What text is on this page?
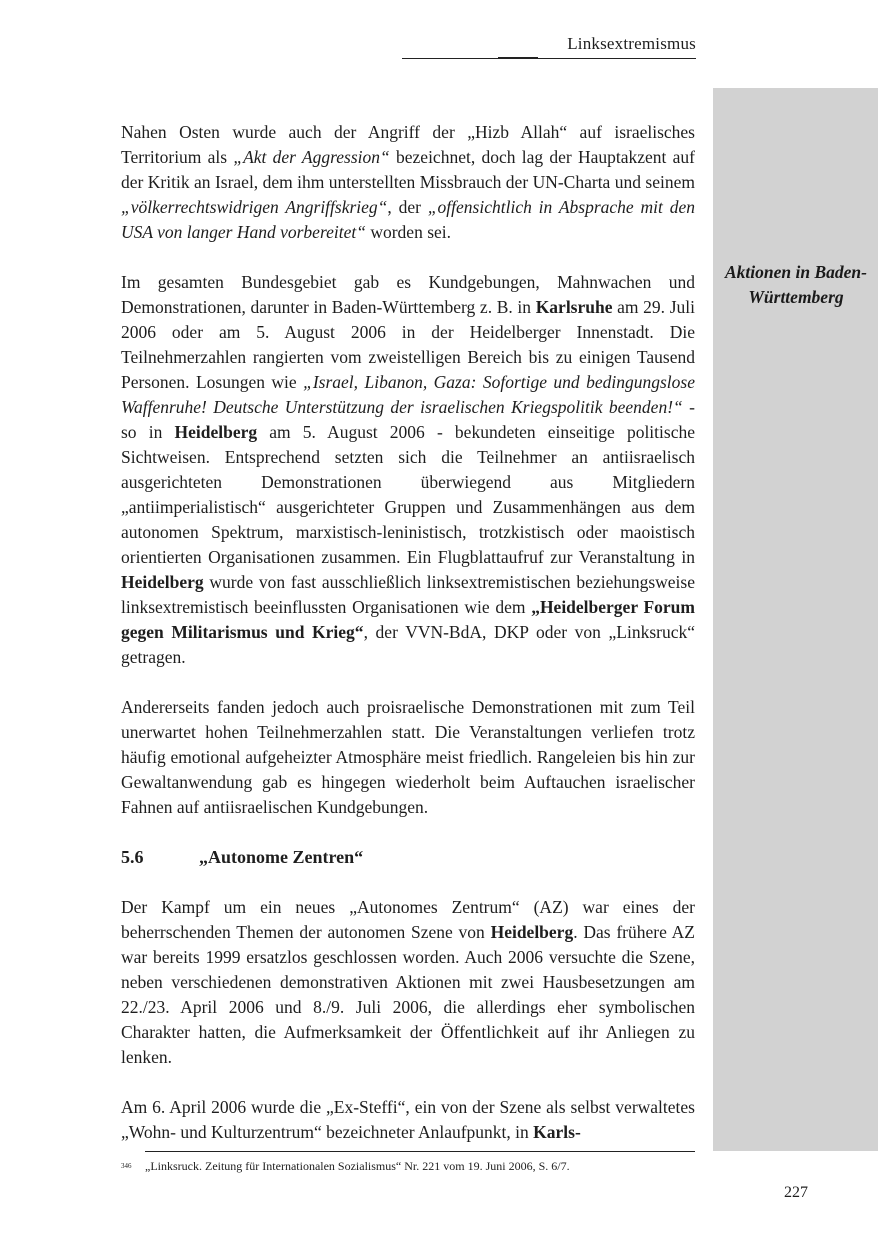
Linksextremismus
Aktionen in Baden-Württemberg

Nahen Osten wurde auch der Angriff der „Hizb Allah“ auf israelisches Territorium als „Akt der Aggression“ bezeichnet, doch lag der Hauptakzent auf der Kritik an Israel, dem ihm unterstellten Missbrauch der UN-Charta und seinem „völkerrechtswidrigen Angriffskrieg“, der „offensichtlich in Absprache mit den USA von langer Hand vorbereitet“ worden sei.

Im gesamten Bundesgebiet gab es Kundgebungen, Mahnwachen und Demonstrationen, darunter in Baden-Württemberg z. B. in Karlsruhe am 29. Juli 2006 oder am 5. August 2006 in der Heidelberger Innenstadt. Die Teilnehmerzahlen rangierten vom zweistelligen Bereich bis zu einigen Tausend Personen. Losungen wie „Israel, Libanon, Gaza: Sofortige und bedingungslose Waffenruhe! Deutsche Unterstützung der israelischen Kriegspolitik beenden!“ - so in Heidelberg am 5. August 2006 - bekundeten einseitige politische Sichtweisen. Entsprechend setzten sich die Teilnehmer an antiisraelisch ausgerichteten Demonstrationen überwiegend aus Mitgliedern „antiimperialistisch“ ausgerichteter Gruppen und Zusammenhängen aus dem autonomen Spektrum, marxistisch-leninistisch, trotzkistisch oder maoistisch orientierten Organisationen zusammen. Ein Flugblattaufruf zur Veranstaltung in Heidelberg wurde von fast ausschließlich linksextremistischen beziehungsweise linksextremistisch beeinflussten Organisationen wie dem „Heidelberger Forum gegen Militarismus und Krieg“, der VVN-BdA, DKP oder von „Linksruck“ getragen.

Andererseits fanden jedoch auch proisraelische Demonstrationen mit zum Teil unerwartet hohen Teilnehmerzahlen statt. Die Veranstaltungen verliefen trotz häufig emotional aufgeheizter Atmosphäre meist friedlich. Rangeleien bis hin zur Gewaltanwendung gab es hingegen wiederholt beim Auftauchen israelischer Fahnen auf antiisraelischen Kundgebungen.

5.6	„Autonome Zentren“

Der Kampf um ein neues „Autonomes Zentrum“ (AZ) war eines der beherrschenden Themen der autonomen Szene von Heidelberg. Das frühere AZ war bereits 1999 ersatzlos geschlossen worden. Auch 2006 versuchte die Szene, neben verschiedenen demonstrativen Aktionen mit zwei Hausbesetzungen am 22./23. April 2006 und 8./9. Juli 2006, die allerdings eher symbolischen Charakter hatten, die Aufmerksamkeit der Öffentlichkeit auf ihr Anliegen zu lenken.

Am 6. April 2006 wurde die „Ex-Steffi“, ein von der Szene als selbst verwaltetes „Wohn- und Kulturzentrum“ bezeichneter Anlaufpunkt, in Karls-

346 „Linksruck. Zeitung für Internationalen Sozialismus“ Nr. 221 vom 19. Juni 2006, S. 6/7.
227
